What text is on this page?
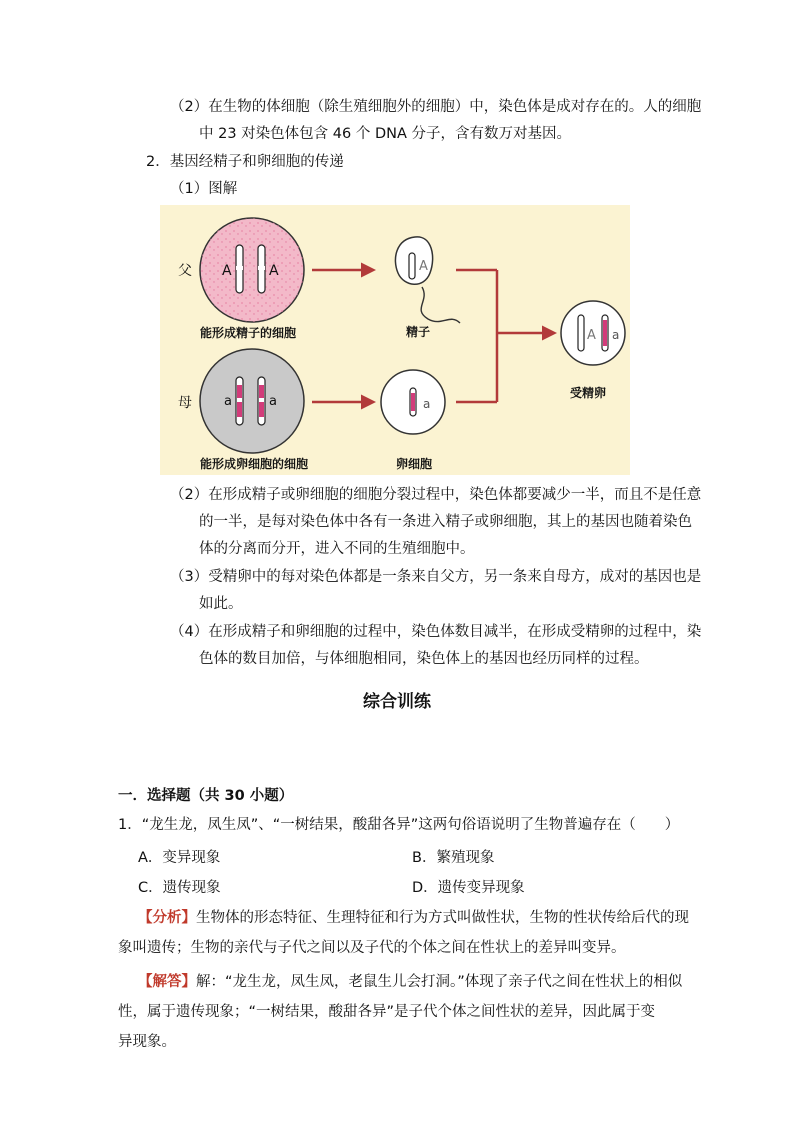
（2）在生物的体细胞（除生殖细胞外的细胞）中，染色体是成对存在的。人的细胞
中 23 对染色体包含 46 个 DNA 分子，含有数万对基因。
2．基因经精子和卵细胞的传递
（1）图解
父 A	A
能形成精子的细胞
A
精子
母 a	a
能形成卵细胞的细胞
a
卵细胞
A a
受精卵
（2）在形成精子或卵细胞的细胞分裂过程中，染色体都要减少一半，而且不是任意
的一半，是每对染色体中各有一条进入精子或卵细胞，其上的基因也随着染色
体的分离而分开，进入不同的生殖细胞中。
（3）受精卵中的每对染色体都是一条来自父方，另一条来自母方，成对的基因也是
如此。
（4）在形成精子和卵细胞的过程中，染色体数目减半，在形成受精卵的过程中，染
色体的数目加倍，与体细胞相同，染色体上的基因也经历同样的过程。
综合训练
一．选择题（共 30 小题）
1．“龙生龙，凤生凤”、“一树结果，酸甜各异”这两句俗语说明了生物普遍存在（　　）
A．变异现象	B．繁殖现象
C．遗传现象	D．遗传变异现象
【分析】生物体的形态特征、生理特征和行为方式叫做性状，生物的性状传给后代的现
象叫遗传；生物的亲代与子代之间以及子代的个体之间在性状上的差异叫变异。
【解答】解：“龙生龙，凤生凤，老鼠生儿会打洞。”体现了亲子代之间在性状上的相似
性，属于遗传现象；“一树结果，酸甜各异”是子代个体之间性状的差异，因此属于变
异现象。
